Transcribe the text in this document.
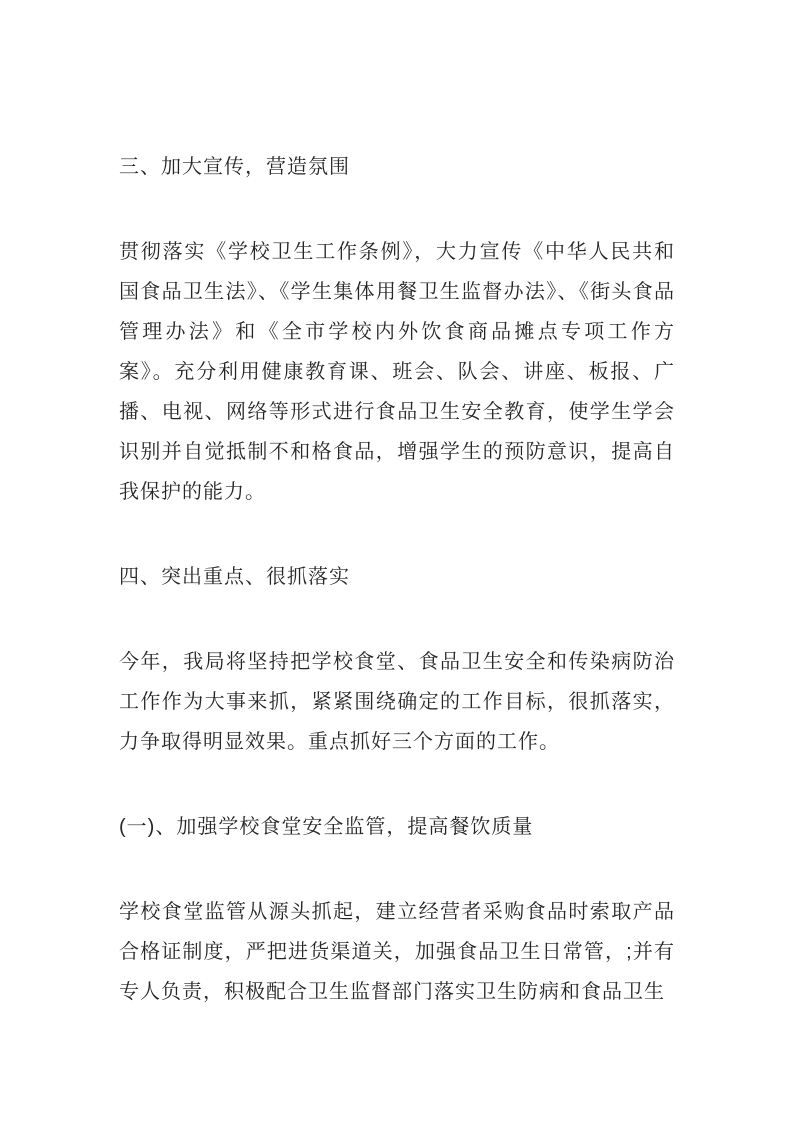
三、加大宣传，营造氛围
贯彻落实《学校卫生工作条例》，大力宣传《中华人民共和国食品卫生法》、《学生集体用餐卫生监督办法》、《街头食品管理办法》和《全市学校内外饮食商品摊点专项工作方案》。充分利用健康教育课、班会、队会、讲座、板报、广播、电视、网络等形式进行食品卫生安全教育，使学生学会识别并自觉抵制不和格食品，增强学生的预防意识，提高自我保护的能力。
四、突出重点、很抓落实
今年，我局将坚持把学校食堂、食品卫生安全和传染病防治工作作为大事来抓，紧紧围绕确定的工作目标，很抓落实，力争取得明显效果。重点抓好三个方面的工作。
(一)、加强学校食堂安全监管，提高餐饮质量
学校食堂监管从源头抓起，建立经营者采购食品时索取产品合格证制度，严把进货渠道关，加强食品卫生日常管，;并有专人负责，积极配合卫生监督部门落实卫生防病和食品卫生
